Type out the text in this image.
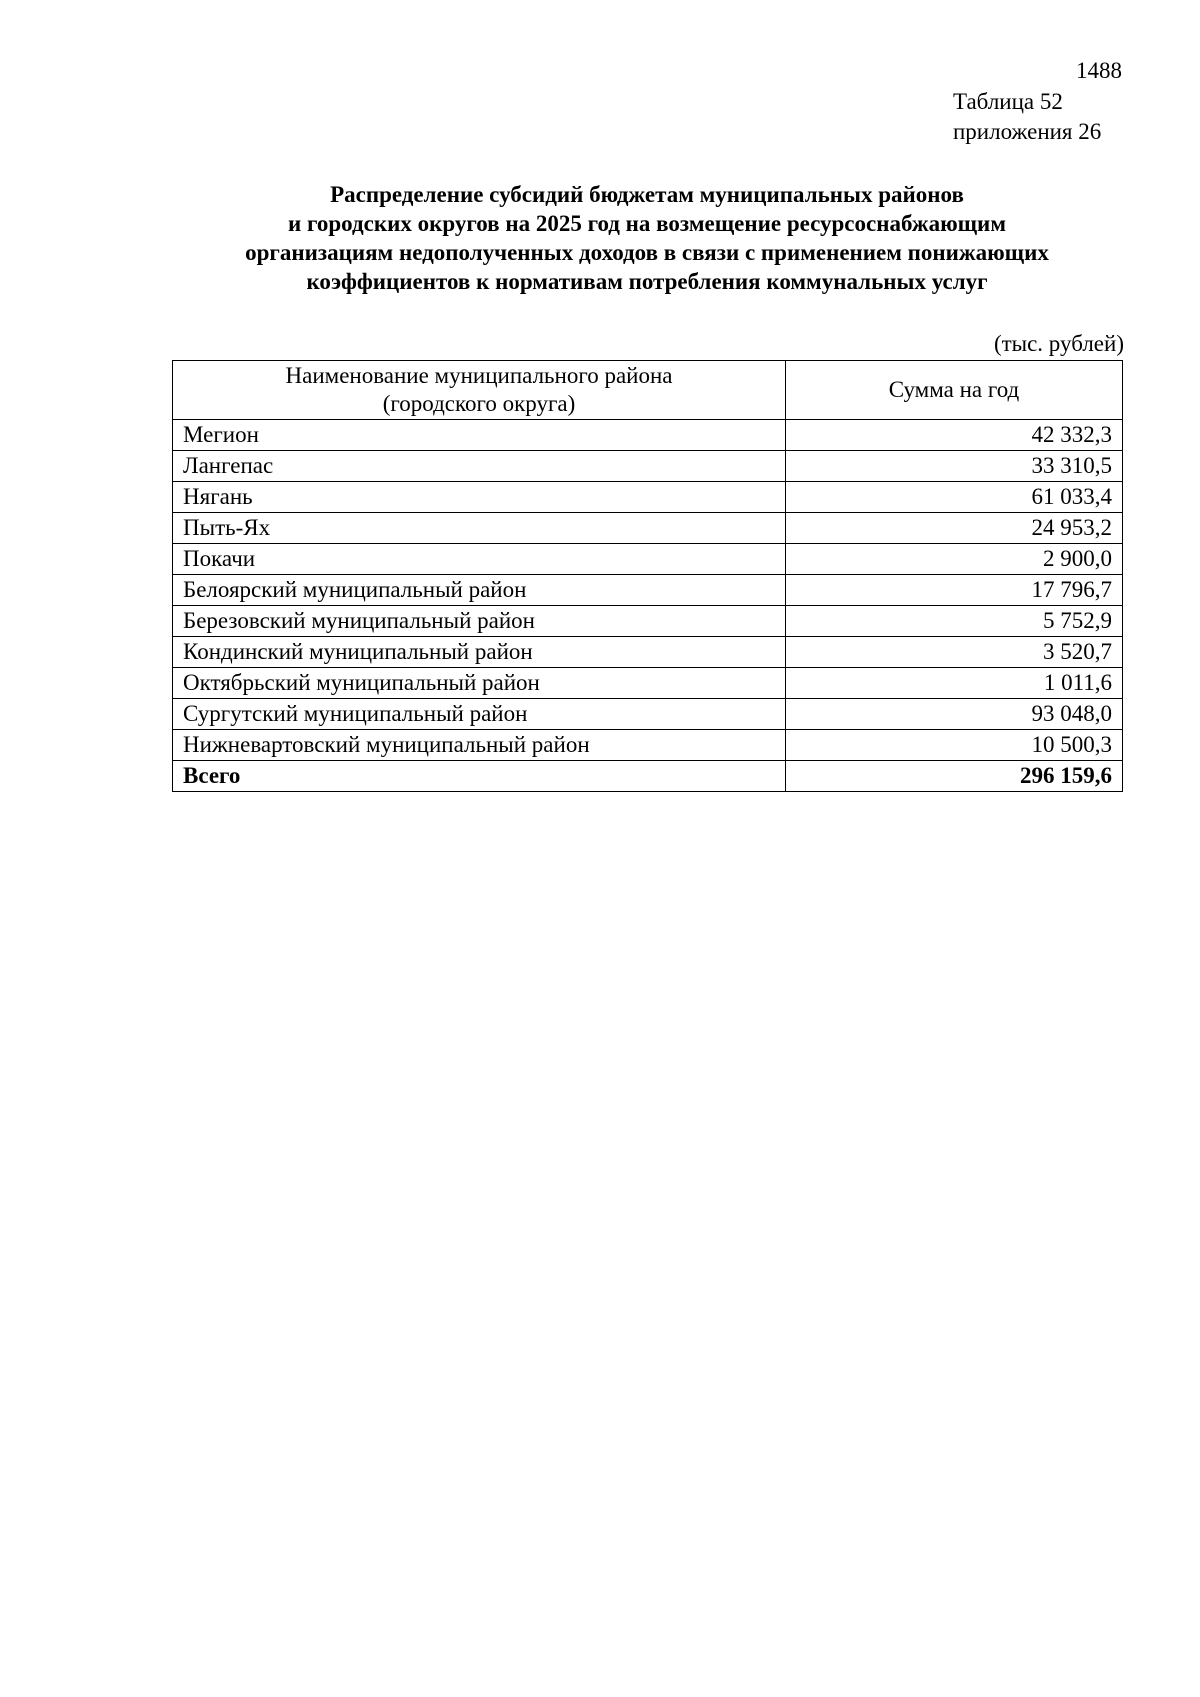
1488
Таблица 52
приложения 26
Распределение субсидий бюджетам муниципальных районов
и городских округов на 2025 год на возмещение ресурсоснабжающим
организациям недополученных доходов в связи с применением понижающих
коэффициентов к нормативам потребления коммунальных услуг
(тыс. рублей)
Наименование муниципального района
(городского округа)	Сумма на год
Мегион	42 332,3
Лангепас	33 310,5
Нягань	61 033,4
Пыть-Ях	24 953,2
Покачи	2 900,0
Белоярский муниципальный район	17 796,7
Березовский муниципальный район	5 752,9
Кондинский муниципальный район	3 520,7
Октябрьский муниципальный район	1 011,6
Сургутский муниципальный район	93 048,0
Нижневартовский муниципальный район	10 500,3
Всего	296 159,6
